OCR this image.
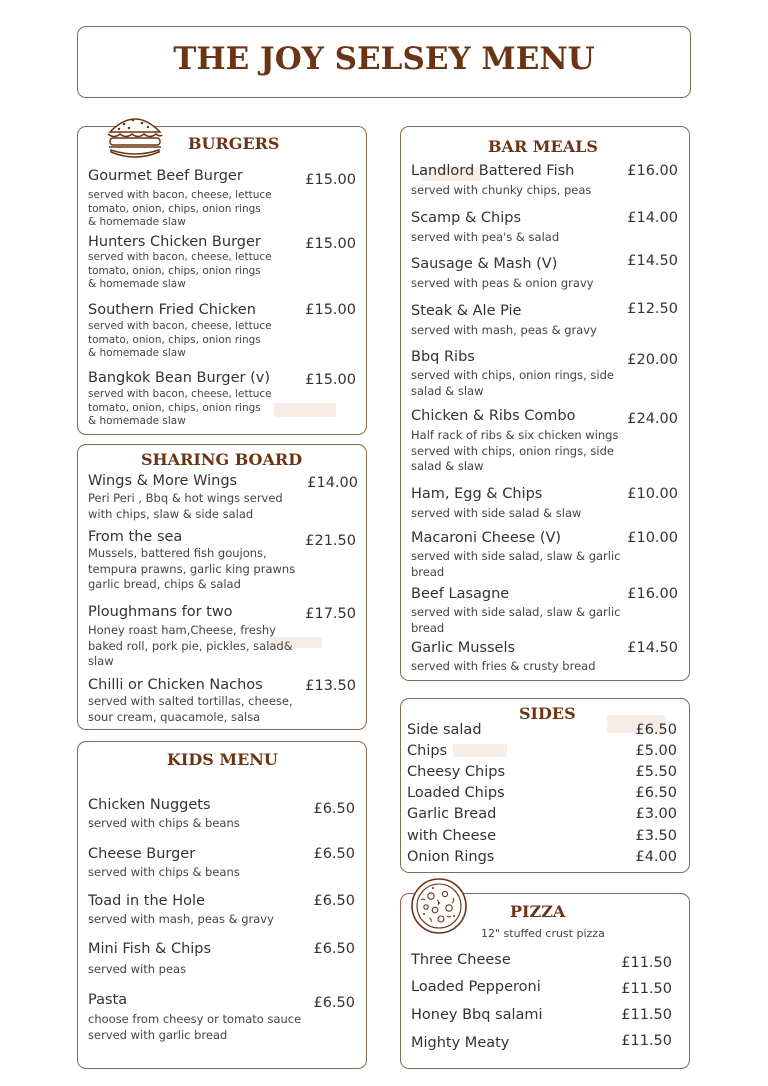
THE JOY SELSEY MENU
BURGERS
Gourmet Beef Burger	£15.00
served with bacon, cheese, lettuce
tomato, onion, chips, onion rings
& homemade slaw
Hunters Chicken Burger	£15.00
served with bacon, cheese, lettuce
tomato, onion, chips, onion rings
& homemade slaw
Southern Fried Chicken	£15.00
served with bacon, cheese, lettuce
tomato, onion, chips, onion rings
& homemade slaw
Bangkok Bean Burger (v) £15.00
served with bacon, cheese, lettuce
tomato, onion, chips, onion rings
& homemade slaw
SHARING BOARD
Wings & More Wings	£14.00
Peri Peri , Bbq & hot wings served
with chips, slaw & side salad
From the sea	£21.50
Mussels, battered fish goujons,
tempura prawns, garlic king prawns
garlic bread, chips & salad
Ploughmans for two	£17.50
Honey roast ham,Cheese, freshy
baked roll, pork pie, pickles, salad&
slaw
Chilli or Chicken Nachos	£13.50
served with salted tortillas, cheese,
sour cream, quacamole, salsa
KIDS MENU
Chicken Nuggets	£6.50
served with chips & beans
Cheese Burger	£6.50
served with chips & beans
Toad in the Hole	£6.50
served with mash, peas & gravy
Mini Fish & Chips	£6.50
served with peas
Pasta	£6.50
choose from cheesy or tomato sauce
served with garlic bread
BAR MEALS
Landlord Battered Fish	£16.00
served with chunky chips, peas
Scamp & Chips	£14.00
served with pea's & salad
Sausage & Mash (V)	£14.50
served with peas & onion gravy
Steak & Ale Pie	£12.50
served with mash, peas & gravy
Bbq Ribs	£20.00
served with chips, onion rings, side
salad & slaw
Chicken & Ribs Combo	£24.00
Half rack of ribs & six chicken wings
served with chips, onion rings, side
salad & slaw
Ham, Egg & Chips	£10.00
served with side salad & slaw
Macaroni Cheese (V)	£10.00
served with side salad, slaw & garlic
bread
Beef Lasagne	£16.00
served with side salad, slaw & garlic
bread
Garlic Mussels	£14.50
served with fries & crusty bread
SIDES
Side salad	£6.50
Chips	£5.00
Cheesy Chips	£5.50
Loaded Chips	£6.50
Garlic Bread	£3.00
with Cheese	£3.50
Onion Rings	£4.00
PIZZA
12" stuffed crust pizza
Three Cheese	£11.50
Loaded Pepperoni	£11.50
Honey Bbq salami	£11.50
Mighty Meaty	£11.50
